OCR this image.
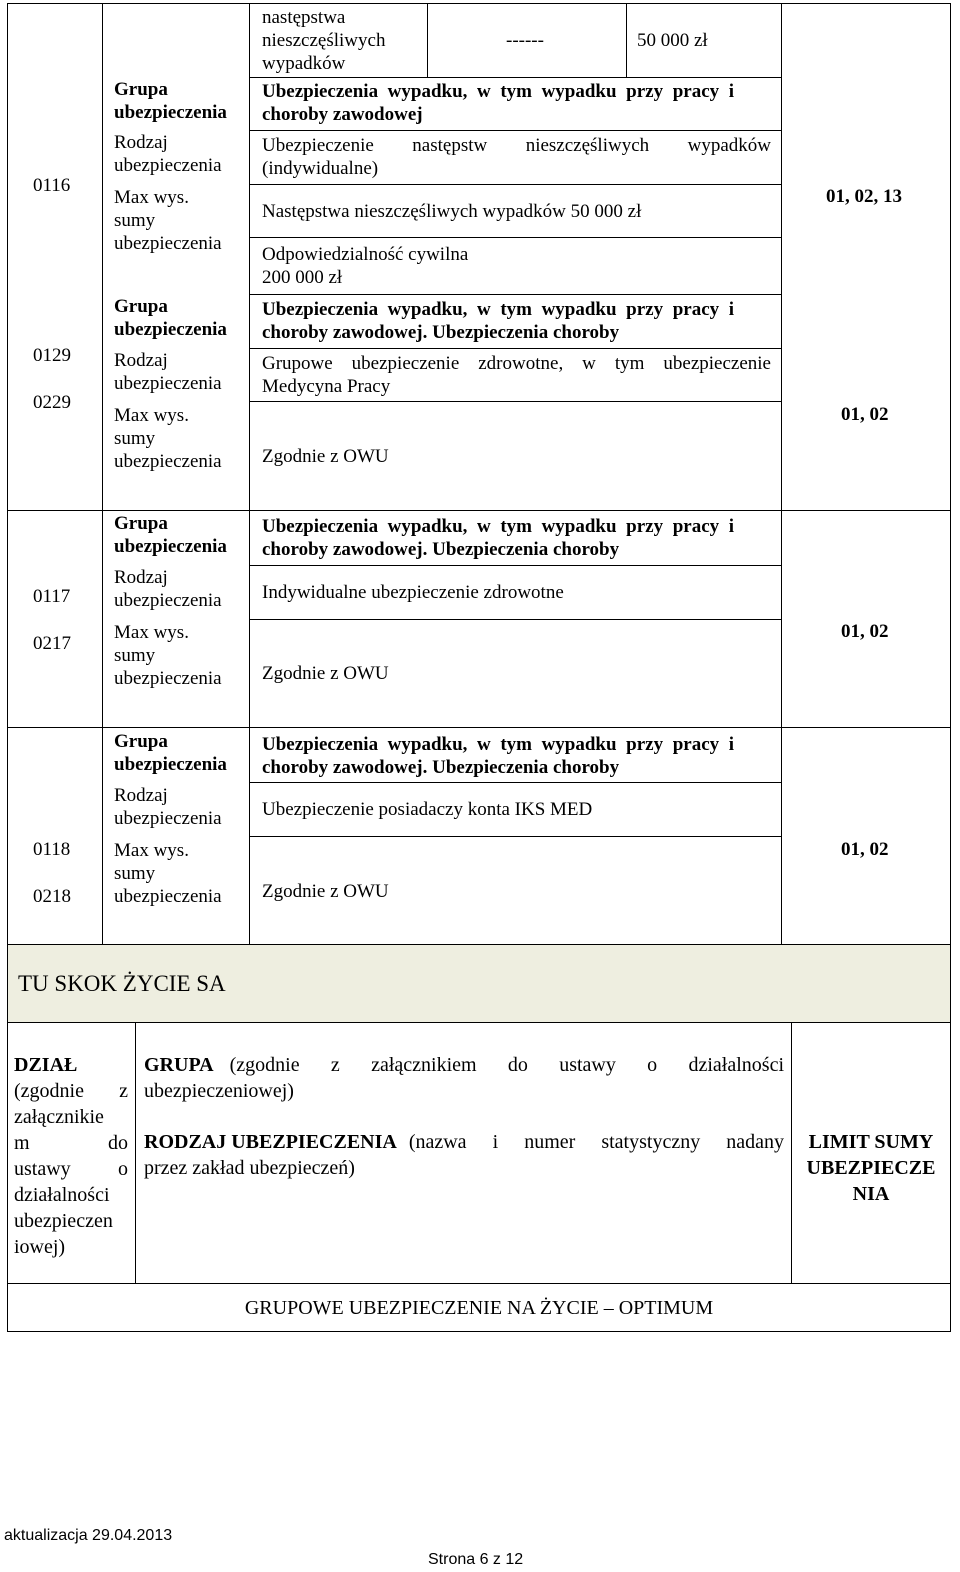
następstwa
nieszczęśliwych
wypadków
------	50 000 zł
0116
Grupa
ubezpieczenia
Rodzaj
ubezpieczenia
Max wys.
sumy
ubezpieczenia
Ubezpieczenia wypadku, w tym wypadku przy pracy i
choroby zawodowej
Ubezpieczenie następstw nieszczęśliwych wypadków
(indywidualne)
Następstwa nieszczęśliwych wypadków 50 000 zł
Odpowiedzialność cywilna
200 000 zł
01, 02, 13
0129
0229
Grupa
ubezpieczenia
Rodzaj
ubezpieczenia
Max wys.
sumy
ubezpieczenia
Ubezpieczenia wypadku, w tym wypadku przy pracy i
choroby zawodowej. Ubezpieczenia choroby
Grupowe ubezpieczenie zdrowotne, w tym ubezpieczenie
Medycyna Pracy
Zgodnie z OWU
01, 02
0117
0217
Grupa
ubezpieczenia
Rodzaj
ubezpieczenia
Max wys.
sumy
ubezpieczenia
Ubezpieczenia wypadku, w tym wypadku przy pracy i
choroby zawodowej. Ubezpieczenia choroby
Indywidualne ubezpieczenie zdrowotne
Zgodnie z OWU
01, 02
0118
0218
Grupa
ubezpieczenia
Rodzaj
ubezpieczenia
Max wys.
sumy
ubezpieczenia
Ubezpieczenia wypadku, w tym wypadku przy pracy i
choroby zawodowej. Ubezpieczenia choroby
Ubezpieczenie posiadaczy konta IKS MED
Zgodnie z OWU
01, 02
TU SKOK ŻYCIE SA
DZIAŁ
(zgodnie z
załącznikie
m do
ustawy o
działalności
ubezpieczen
iowej)
GRUPA (zgodnie z załącznikiem do ustawy o działalności
ubezpieczeniowej)
RODZAJ UBEZPIECZENIA (nazwa i numer statystyczny nadany
przez zakład ubezpieczeń)
LIMIT SUMY
UBEZPIECZE
NIA
GRUPOWE UBEZPIECZENIE NA ŻYCIE – OPTIMUM
aktualizacja 29.04.2013
Strona 6 z 12
